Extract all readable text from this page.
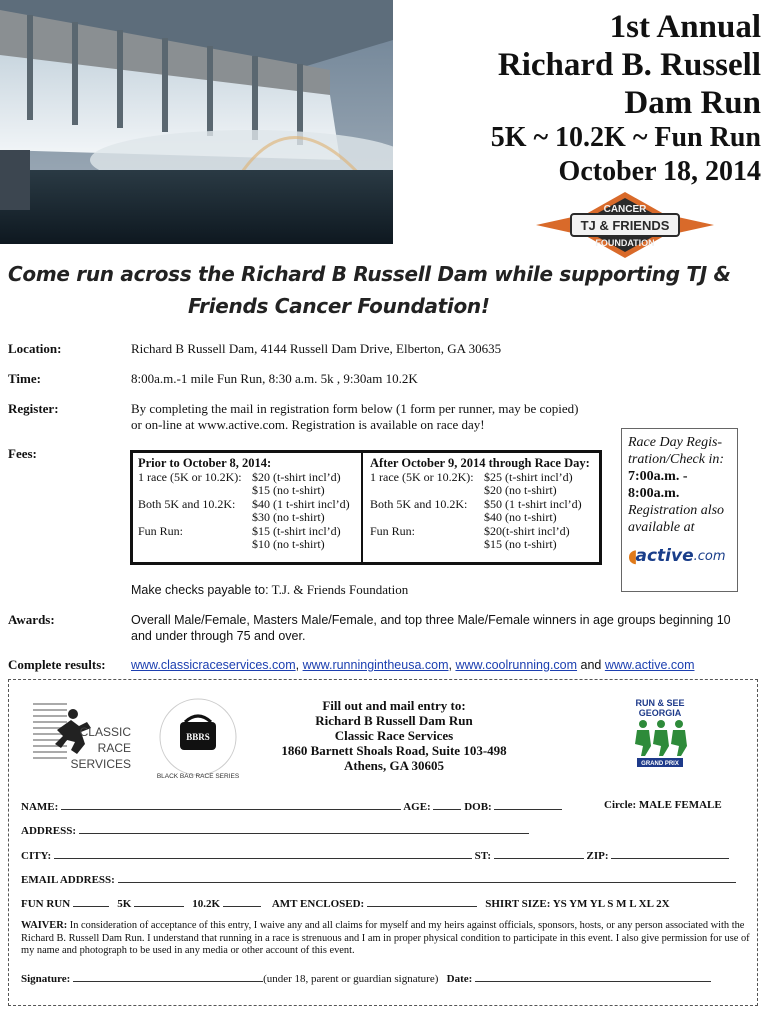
1st Annual
Richard B. Russell
Dam Run
5K ~ 10.2K ~ Fun Run
October 18, 2014
CANCER
TJ & FRIENDS
FOUNDATION
Come run across the Richard B Russell Dam while supporting TJ &
Friends Cancer Foundation!
Location:	Richard B Russell Dam, 4144 Russell Dam Drive, Elberton, GA 30635
Time:	8:00a.m.-1 mile Fun Run, 8:30 a.m. 5k , 9:30am 10.2K
Register:	By completing the mail in registration form below (1 form per runner, may be copied)
or on-line at www.active.com. Registration is available on race day!
Fees:
Prior to October 8, 2014:
1 race (5K or 10.2K): $20 (t-shirt incl’d)
$15 (no t-shirt)
Both 5K and 10.2K:	$40 (1 t-shirt incl’d)
$30 (no t-shirt)
Fun Run:	$15 (t-shirt incl’d)
$10 (no t-shirt)
After October 9, 2014 through Race Day:
1 race (5K or 10.2K): $25 (t-shirt incl’d)
$20 (no t-shirt)
Both 5K and 10.2K:	$50 (1 t-shirt incl’d)
$40 (no t-shirt)
Fun Run:	$20(t-shirt incl’d)
$15 (no t-shirt)
Race Day Regis-
tration/Check in:
7:00a.m. -
8:00a.m.
Registration also
available at
◖
active .com
Make checks payable to: T.J. & Friends Foundation
Awards:	Overall Male/Female, Masters Male/Female, and top three Male/Female winners in age groups beginning 10
and under through 75 and over.
Complete results: www.classicraceservices.com, www.runningintheusa.com, www.coolrunning.com and www.active.com
CLASSIC
RACE
SERVICES
BBRS
BLACK BAG RACE SERIES
Fill out and mail entry to:
Richard B Russell Dam Run
Classic Race Services
1860 Barnett Shoals Road, Suite 103-498
Athens, GA 30605
RUN & SEE
GEORGIA
GRAND PRIX
NAME:	AGE:	DOB:	Circle: MALE FEMALE
ADDRESS:
CITY:	ST:	ZIP:
EMAIL ADDRESS:
FUN RUN	5K	10.2K	AMT ENCLOSED:	SHIRT SIZE: YS YM YL S M L XL 2X
WAIVER: In consideration of acceptance of this entry, I waive any and all claims for myself and my heirs against officials, sponsors, hosts, or any person associated with the Richard B. Russell Dam Run. I understand that running in a race is strenuous and I am in proper physical condition to participate in this event. I also give permission for use of my name and photograph to be used in any media or other account of this event.
Signature:	(under 18, parent or guardian signature) Date:
